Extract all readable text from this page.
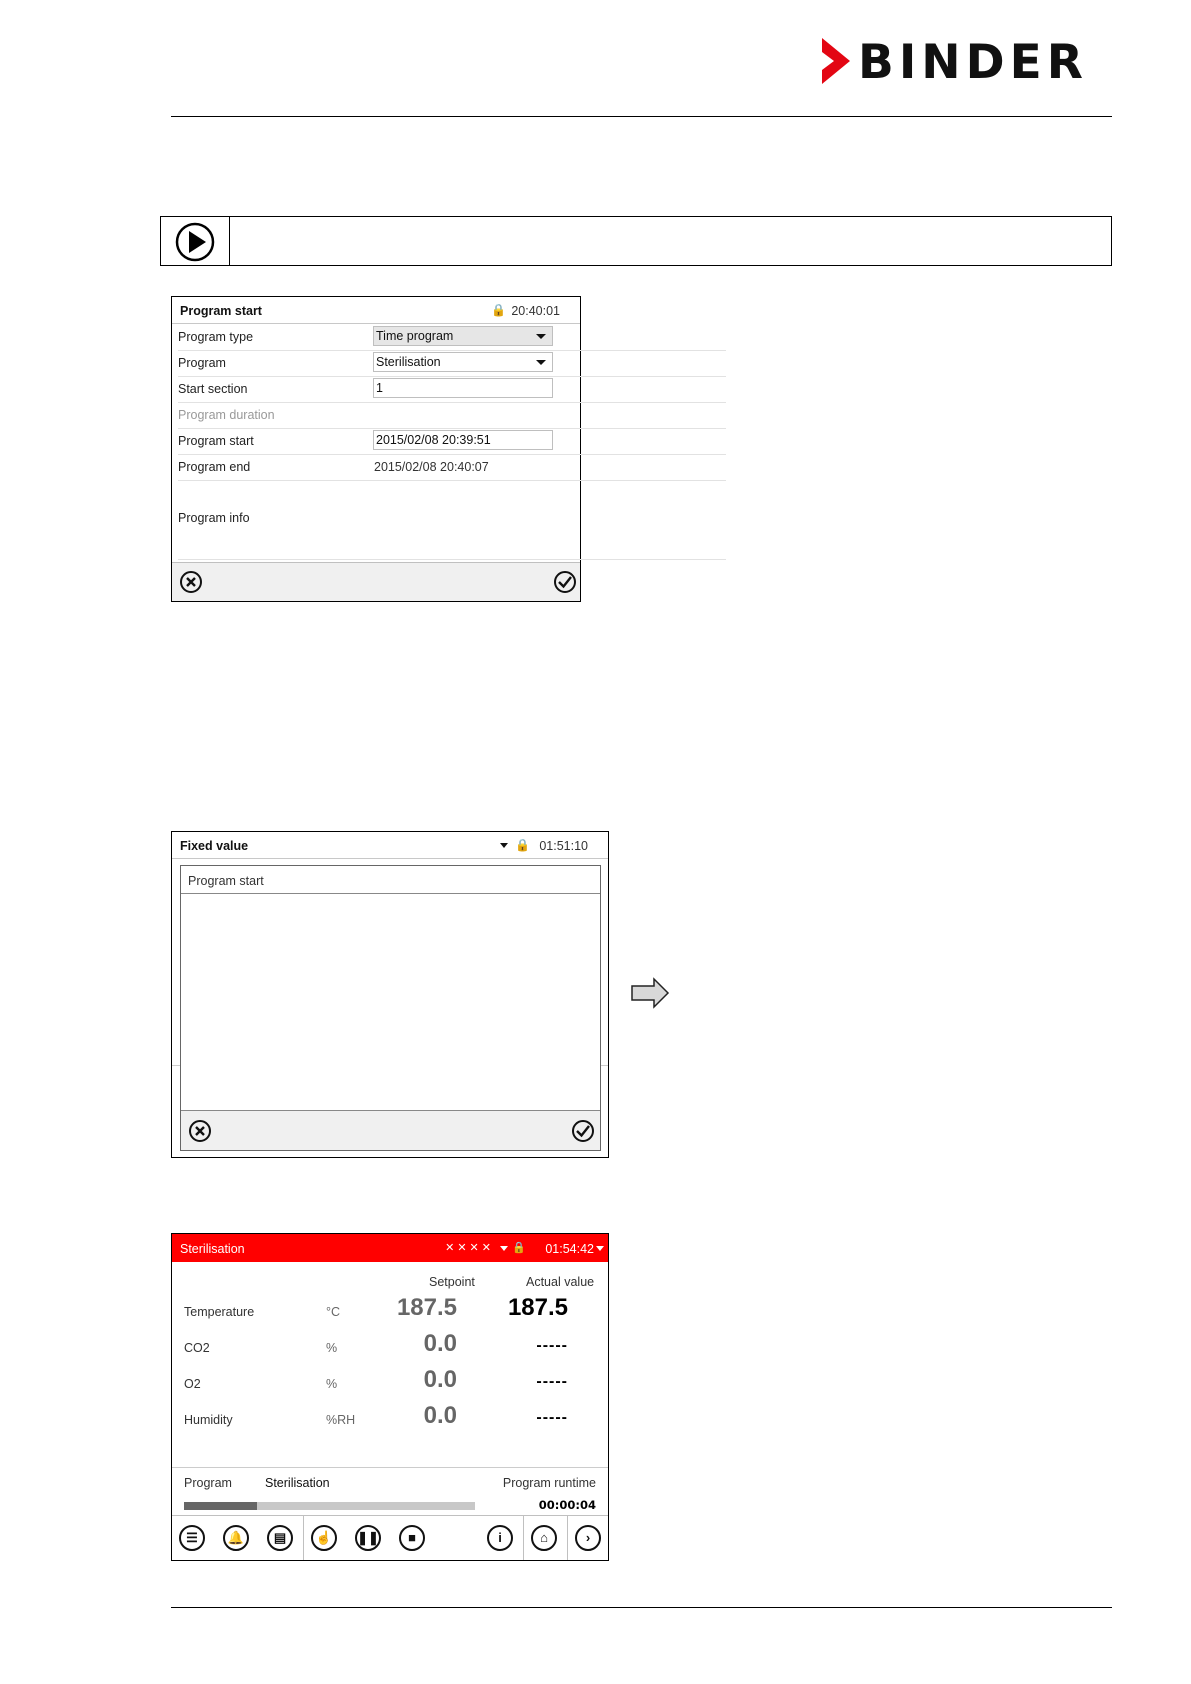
BINDER
Program start	🔒 20:40:01
Program type	Time program
Program	Sterilisation
Start section	1
Program duration
Program start	2015/02/08 20:39:51
Program end	2015/02/08 20:40:07
Program info
Fixed value	🔒 01:51:10
Program start
Sterilisation	✕✕✕✕ 🔒 01:54:42
Setpoint	Actual value
Temperature	°C	187.5	187.5
CO2	%	0.0	-----
O2	%	0.0	-----
Humidity	%RH	0.0	-----
Program	Sterilisation	Program runtime
00:00:04
☰	🔔	▤	☝ ❚❚	■	i	⌂	›
